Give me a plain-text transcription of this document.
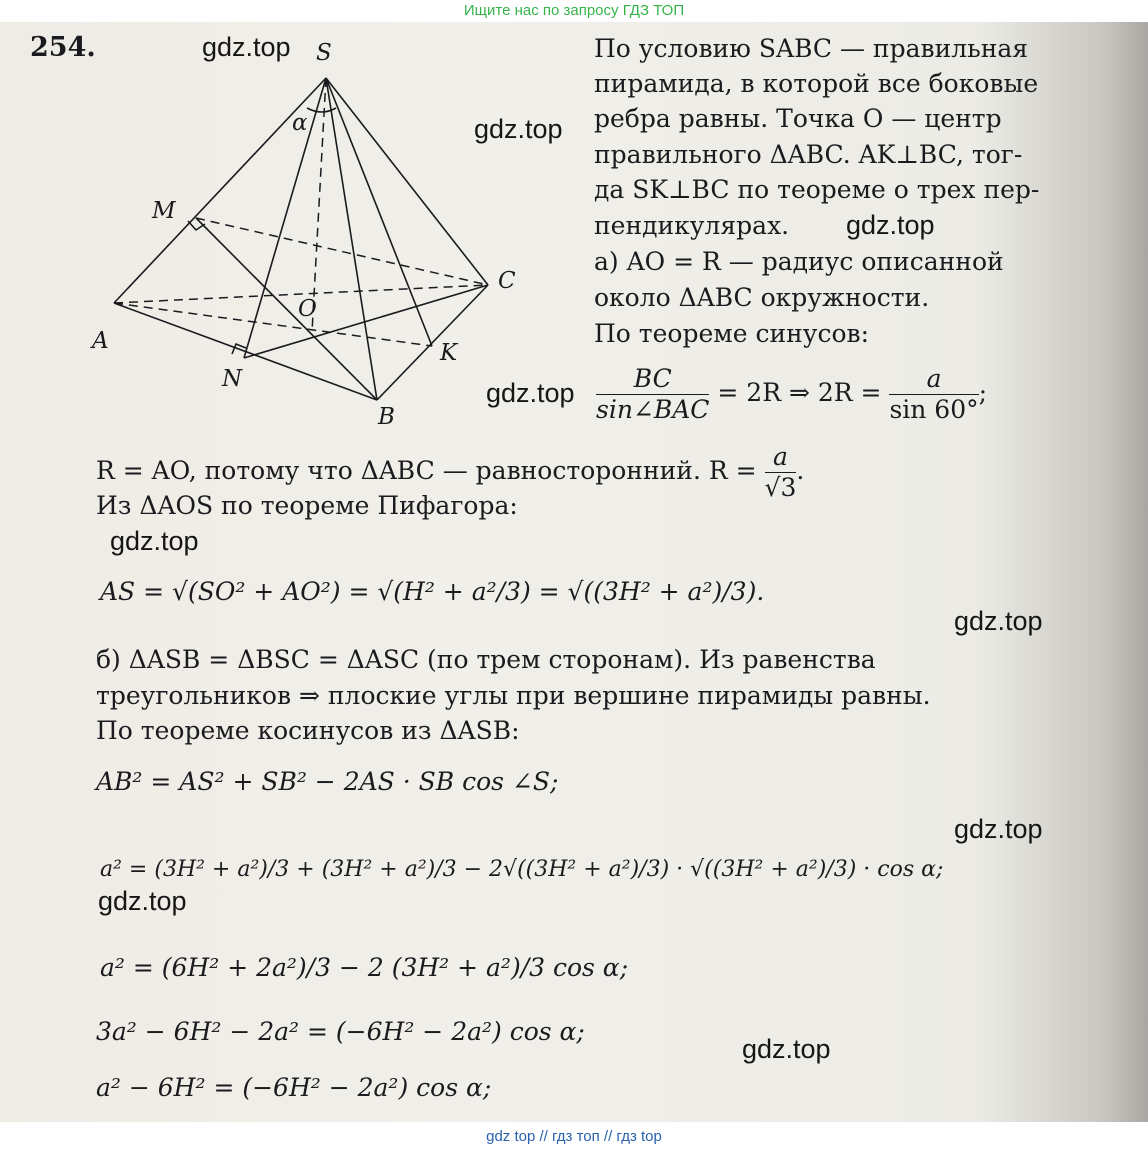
Ищите нас по запросу ГДЗ ТОП
254.	S
A
B
C
M
N
O
K
α
По условию SABC — правильная
пирамида, в которой все боковые
ребра равны. Точка O — центр
правильного ΔABC. AK⊥BC, тог-
да SK⊥BC по теореме о трех пер-
пендикулярах.
а) AO = R — радиус описанной
около ΔABC окружности.
По теореме синусов:
$\frac{BC}{\text{sin∠BAC}} = 2R$ ⇒ $2R = \frac{a}{\sin 60^\circ}$ ;
R = AO, потому что ΔABC — равносторонний. $R = \frac{a}{√3}$ .
Из ΔAOS по теореме Пифагора:
AS = √(SO² + AO²) = √(H² + a²/3) = √((3H² + a²)/3).
б) ΔASB = ΔBSC = ΔASC (по трем сторонам). Из равенства
треугольников ⇒ плоские углы при вершине пирамиды равны.
По теореме косинусов из ΔASB:
AB² = AS² + SB² − 2AS · SB cos ∠S;
a² = (3H² + a²)/3 + (3H² + a²)/3 − 2√((3H² + a²)/3) · √((3H² + a²)/3) · cos α;
a² = (6H² + 2a²)/3 − 2 (3H² + a²)/3 cos α;
3a² − 6H² − 2a² = (−6H² − 2a²) cos α;
a² − 6H² = (−6H² − 2a²) cos α;
gdz.top
gdz.top
gdz.top
gdz.top
gdz.top
gdz.top
gdz.top
gdz.top
gdz.top
gdz top // гдз топ // гдз top
